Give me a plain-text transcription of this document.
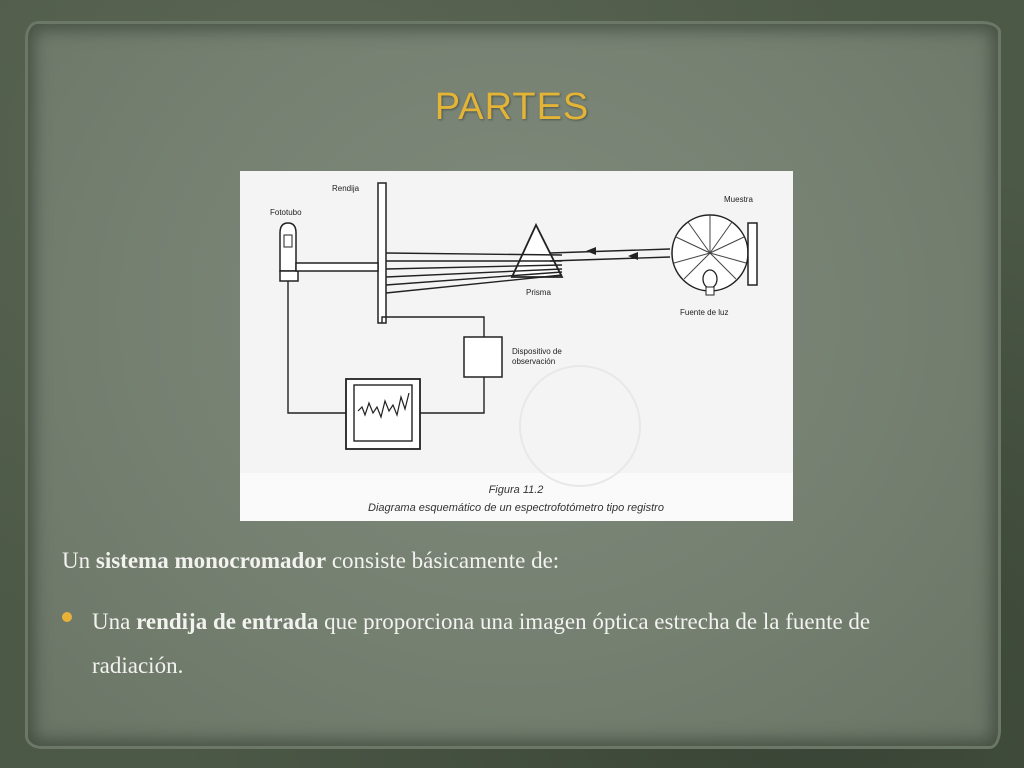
PARTES
Rendija
Fototubo
Muestra
Prisma
Fuente de luz
Dispositivo de
observación
Figura 11.2
Diagrama esquemático de un espectrofotómetro tipo registro
Un sistema monocromador consiste básicamente de:
Una rendija de entrada que proporciona una imagen óptica estrecha de la fuente de radiación.
